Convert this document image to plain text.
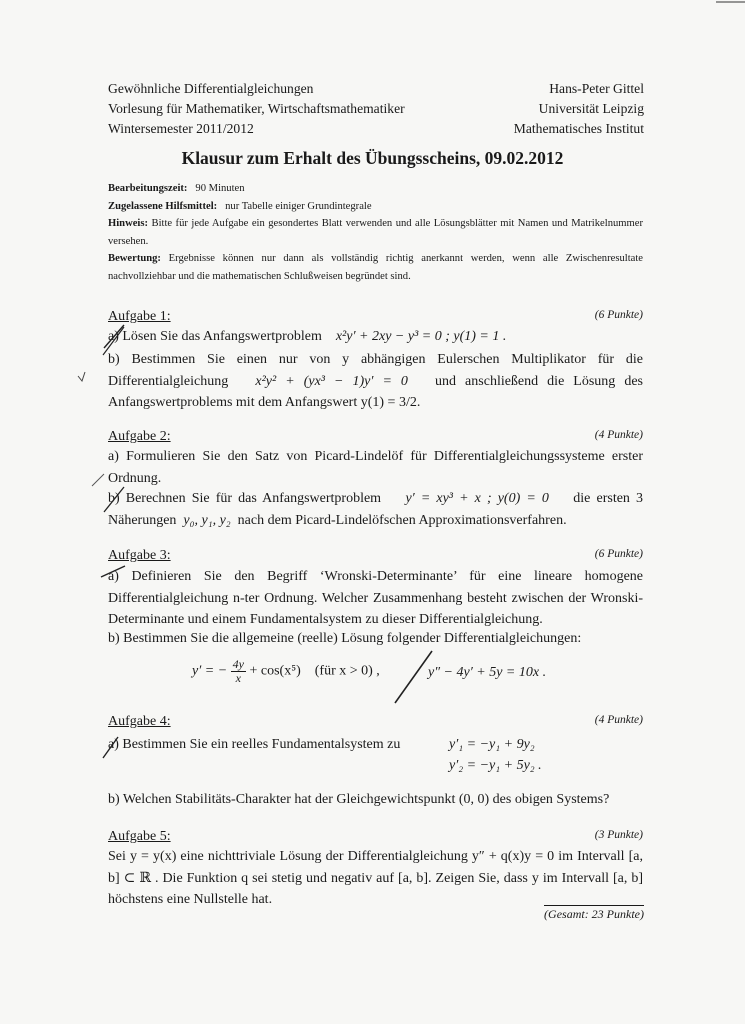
Gewöhnliche Differentialgleichungen
Vorlesung für Mathematiker, Wirtschaftsmathematiker
Wintersemester 2011/2012
Hans-Peter Gittel
Universität Leipzig
Mathematisches Institut
Klausur zum Erhalt des Übungsscheins, 09.02.2012

Bearbeitungszeit: 90 Minuten

Zugelassene Hilfsmittel: nur Tabelle einiger Grundintegrale

Hinweis: Bitte für jede Aufgabe ein gesondertes Blatt verwenden und alle Lösungsblätter mit Namen und Matrikelnummer versehen.

Bewertung: Ergebnisse können nur dann als vollständig richtig anerkannt werden, wenn alle Zwischenresultate nachvollziehbar und die mathematischen Schlußweisen begründet sind.

Aufgabe 1:	(6 Punkte)
a) Lösen Sie das Anfangswertproblem x²y′ + 2xy − y³ = 0 ; y(1) = 1 .
b) Bestimmen Sie einen nur von y abhängigen Eulerschen Multiplikator für die Differentialgleichung x²y² + (yx³ − 1)y′ = 0 und anschließend die Lösung des Anfangswertproblems mit dem Anfangswert y(1) = 3/2.
Aufgabe 2:	(4 Punkte)
a) Formulieren Sie den Satz von Picard-Lindelöf für Differentialgleichungssysteme erster Ordnung.
b) Berechnen Sie für das Anfangswertproblem y′ = xy³ + x ; y(0) = 0 die ersten 3 Näherungen y₀, y₁, y₂ nach dem Picard-Lindelöfschen Approximationsverfahren.
Aufgabe 3:	(6 Punkte)
a) Definieren Sie den Begriff ‘Wronski-Determinante’ für eine lineare homogene Differentialgleichung n-ter Ordnung. Welcher Zusammenhang besteht zwischen der Wronski-Determinante und einem Fundamentalsystem zu dieser Differentialgleichung.
b) Bestimmen Sie die allgemeine (reelle) Lösung folgender Differentialgleichungen:
y′ = − $\frac{4y}{x} + \cos(x^5)$ (für x > 0) ,	y″ − 4y′ + 5y = 10x .
Aufgabe 4:	(4 Punkte)
a) Bestimmen Sie ein reelles Fundamentalsystem zu	y′₁ = −y₁ + 9y₂
y′₂ = −y₁ + 5y₂ .
b) Welchen Stabilitäts-Charakter hat der Gleichgewichtspunkt (0, 0) des obigen Systems?
Aufgabe 5:	(3 Punkte)
Sei y = y(x) eine nichttriviale Lösung der Differentialgleichung y″ + q(x)y = 0 im Intervall [a, b] ⊂ ℝ . Die Funktion q sei stetig und negativ auf [a, b]. Zeigen Sie, dass y im Intervall [a, b] höchstens eine Nullstelle hat.
(Gesamt: 23 Punkte)
